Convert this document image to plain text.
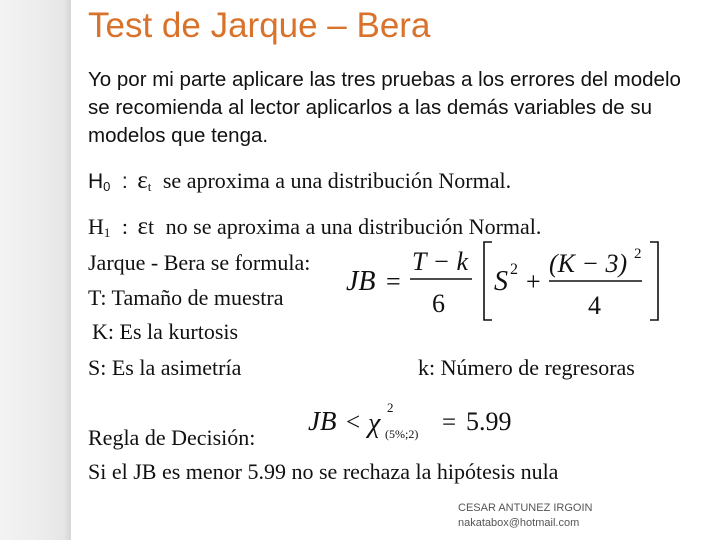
Test de Jarque – Bera
Yo por mi parte aplicare las tres pruebas a los errores del modelo se recomienda al lector aplicarlos a las demás variables de su modelos que tenga.
$H_0$ : $\varepsilon_t$ se aproxima a una distribución Normal.
$H_1$ : εt no se aproxima a una distribución Normal.
Jarque - Bera se formula:
T: Tamaño de muestra
K: Es la kurtosis
S: Es la asimetría	k: Número de regresoras
JB =
T − k
6
S 2 +
(K − 3) 2
4
Regla de Decisión:
JB < χ
2
(5%;2) = 5.99
Si el JB es menor 5.99 no se rechaza la hipótesis nula
CESAR ANTUNEZ IRGOIN
nakatabox@hotmail.com
